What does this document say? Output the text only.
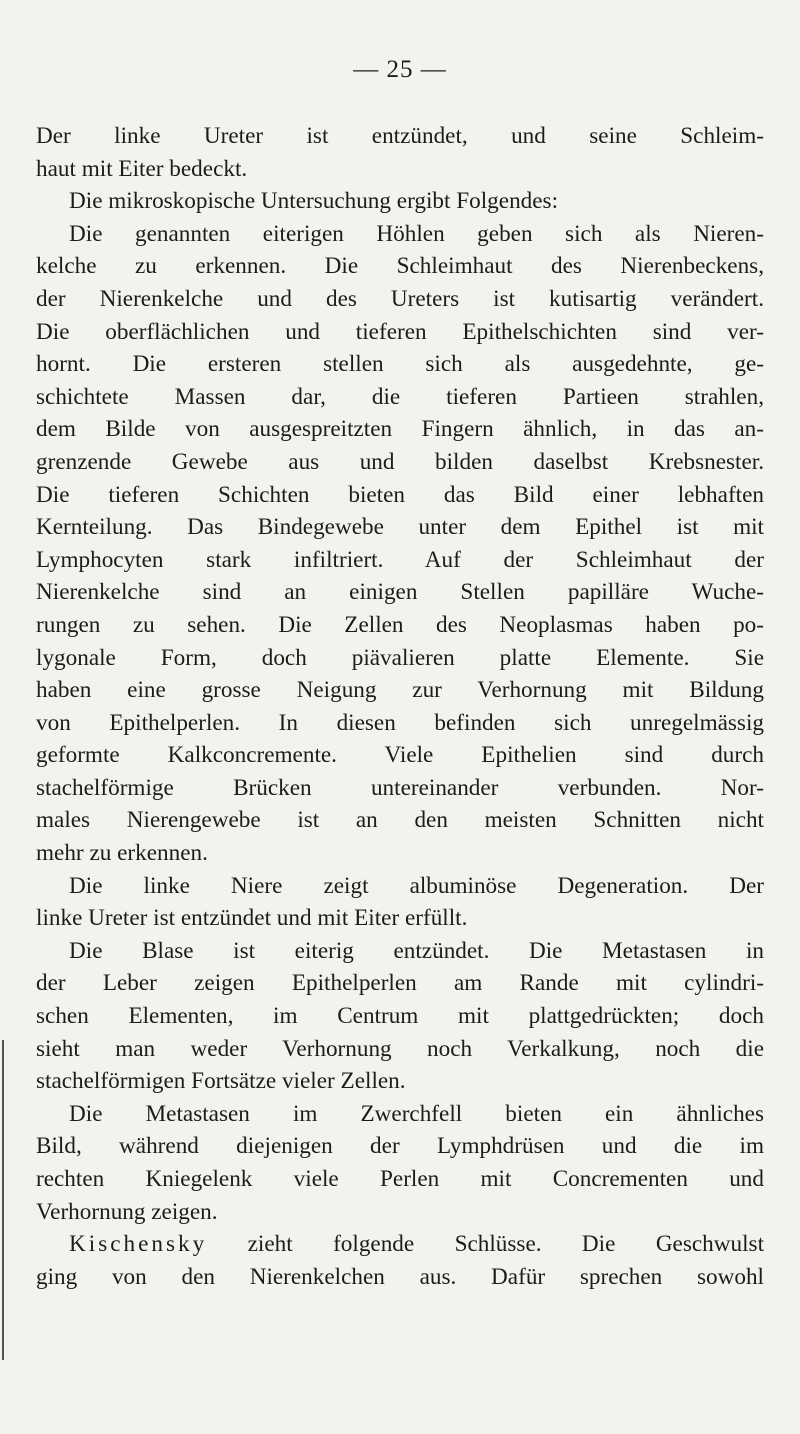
— 25 —
Der linke Ureter ist entzündet, und seine Schleim-
haut mit Eiter bedeckt.
Die mikroskopische Untersuchung ergibt Folgendes:
Die genannten eiterigen Höhlen geben sich als Nieren-
kelche zu erkennen. Die Schleimhaut des Nierenbeckens,
der Nierenkelche und des Ureters ist kutisartig verändert.
Die oberflächlichen und tieferen Epithelschichten sind ver-
hornt. Die ersteren stellen sich als ausgedehnte, ge-
schichtete Massen dar, die tieferen Partieen strahlen,
dem Bilde von ausgespreitzten Fingern ähnlich, in das an-
grenzende Gewebe aus und bilden daselbst Krebsnester.
Die tieferen Schichten bieten das Bild einer lebhaften
Kernteilung. Das Bindegewebe unter dem Epithel ist mit
Lymphocyten stark infiltriert. Auf der Schleimhaut der
Nierenkelche sind an einigen Stellen papilläre Wuche-
rungen zu sehen. Die Zellen des Neoplasmas haben po-
lygonale Form, doch piävalieren platte Elemente. Sie
haben eine grosse Neigung zur Verhornung mit Bildung
von Epithelperlen. In diesen befinden sich unregelmässig
geformte Kalkconcremente. Viele Epithelien sind durch
stachelförmige Brücken untereinander verbunden. Nor-
males Nierengewebe ist an den meisten Schnitten nicht
mehr zu erkennen.
Die linke Niere zeigt albuminöse Degeneration. Der
linke Ureter ist entzündet und mit Eiter erfüllt.
Die Blase ist eiterig entzündet. Die Metastasen in
der Leber zeigen Epithelperlen am Rande mit cylindri-
schen Elementen, im Centrum mit plattgedrückten; doch
sieht man weder Verhornung noch Verkalkung, noch die
stachelförmigen Fortsätze vieler Zellen.
Die Metastasen im Zwerchfell bieten ein ähnliches
Bild, während diejenigen der Lymphdrüsen und die im
rechten Kniegelenk viele Perlen mit Concrementen und
Verhornung zeigen.
Kischensky zieht folgende Schlüsse. Die Geschwulst
ging von den Nierenkelchen aus. Dafür sprechen sowohl
